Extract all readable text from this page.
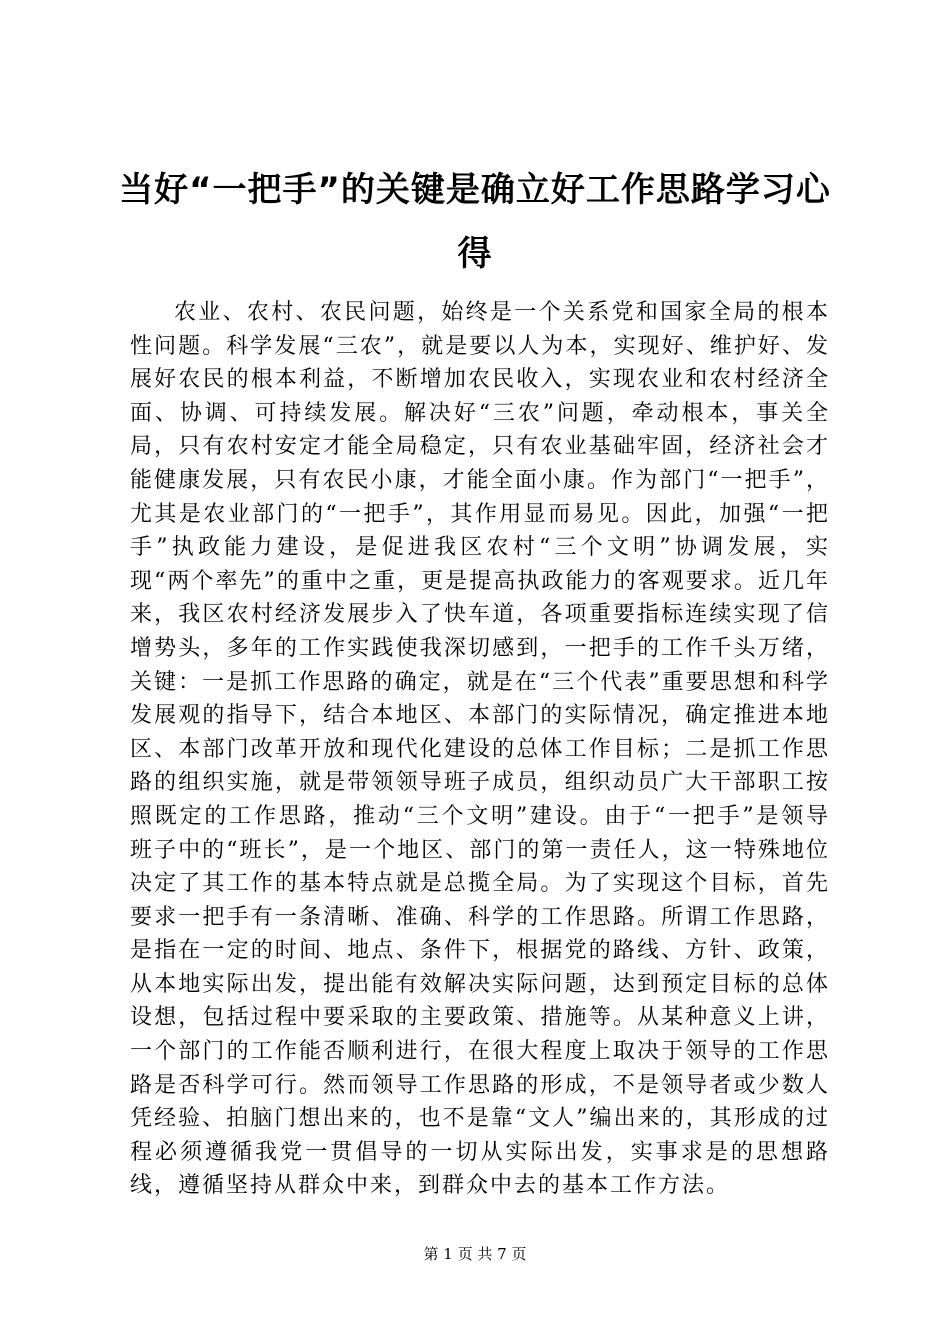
当好“一把手”的关键是确立好工作思路学习心得

农业、农村、农民问题，始终是一个关系党和国家全局的根本性问题。科学发展“三农”，就是要以人为本，实现好、维护好、发展好农民的根本利益，不断增加农民收入，实现农业和农村经济全面、协调、可持续发展。解决好“三农”问题，牵动根本，事关全局，只有农村安定才能全局稳定，只有农业基础牢固，经济社会才能健康发展，只有农民小康，才能全面小康。作为部门“一把手”，尤其是农业部门的“一把手”，其作用显而易见。因此，加强“一把手”执政能力建设，是促进我区农村“三个文明”协调发展，实现“两个率先”的重中之重，更是提高执政能力的客观要求。近几年来，我区农村经济发展步入了快车道，各项重要指标连续实现了信增势头，多年的工作实践使我深切感到，一把手的工作千头万绪，关键：一是抓工作思路的确定，就是在“三个代表”重要思想和科学发展观的指导下，结合本地区、本部门的实际情况，确定推进本地区、本部门改革开放和现代化建设的总体工作目标；二是抓工作思路的组织实施，就是带领领导班子成员，组织动员广大干部职工按照既定的工作思路，推动“三个文明”建设。由于“一把手”是领导班子中的“班长”，是一个地区、部门的第一责任人，这一特殊地位决定了其工作的基本特点就是总揽全局。为了实现这个目标，首先要求一把手有一条清晰、准确、科学的工作思路。所谓工作思路，是指在一定的时间、地点、条件下，根据党的路线、方针、政策，从本地实际出发，提出能有效解决实际问题，达到预定目标的总体设想，包括过程中要采取的主要政策、措施等。从某种意义上讲，一个部门的工作能否顺利进行，在很大程度上取决于领导的工作思路是否科学可行。然而领导工作思路的形成，不是领导者或少数人凭经验、拍脑门想出来的，也不是靠“文人”编出来的，其形成的过程必须遵循我党一贯倡导的一切从实际出发，实事求是的思想路线，遵循坚持从群众中来，到群众中去的基本工作方法。

第 1 页 共 7 页
